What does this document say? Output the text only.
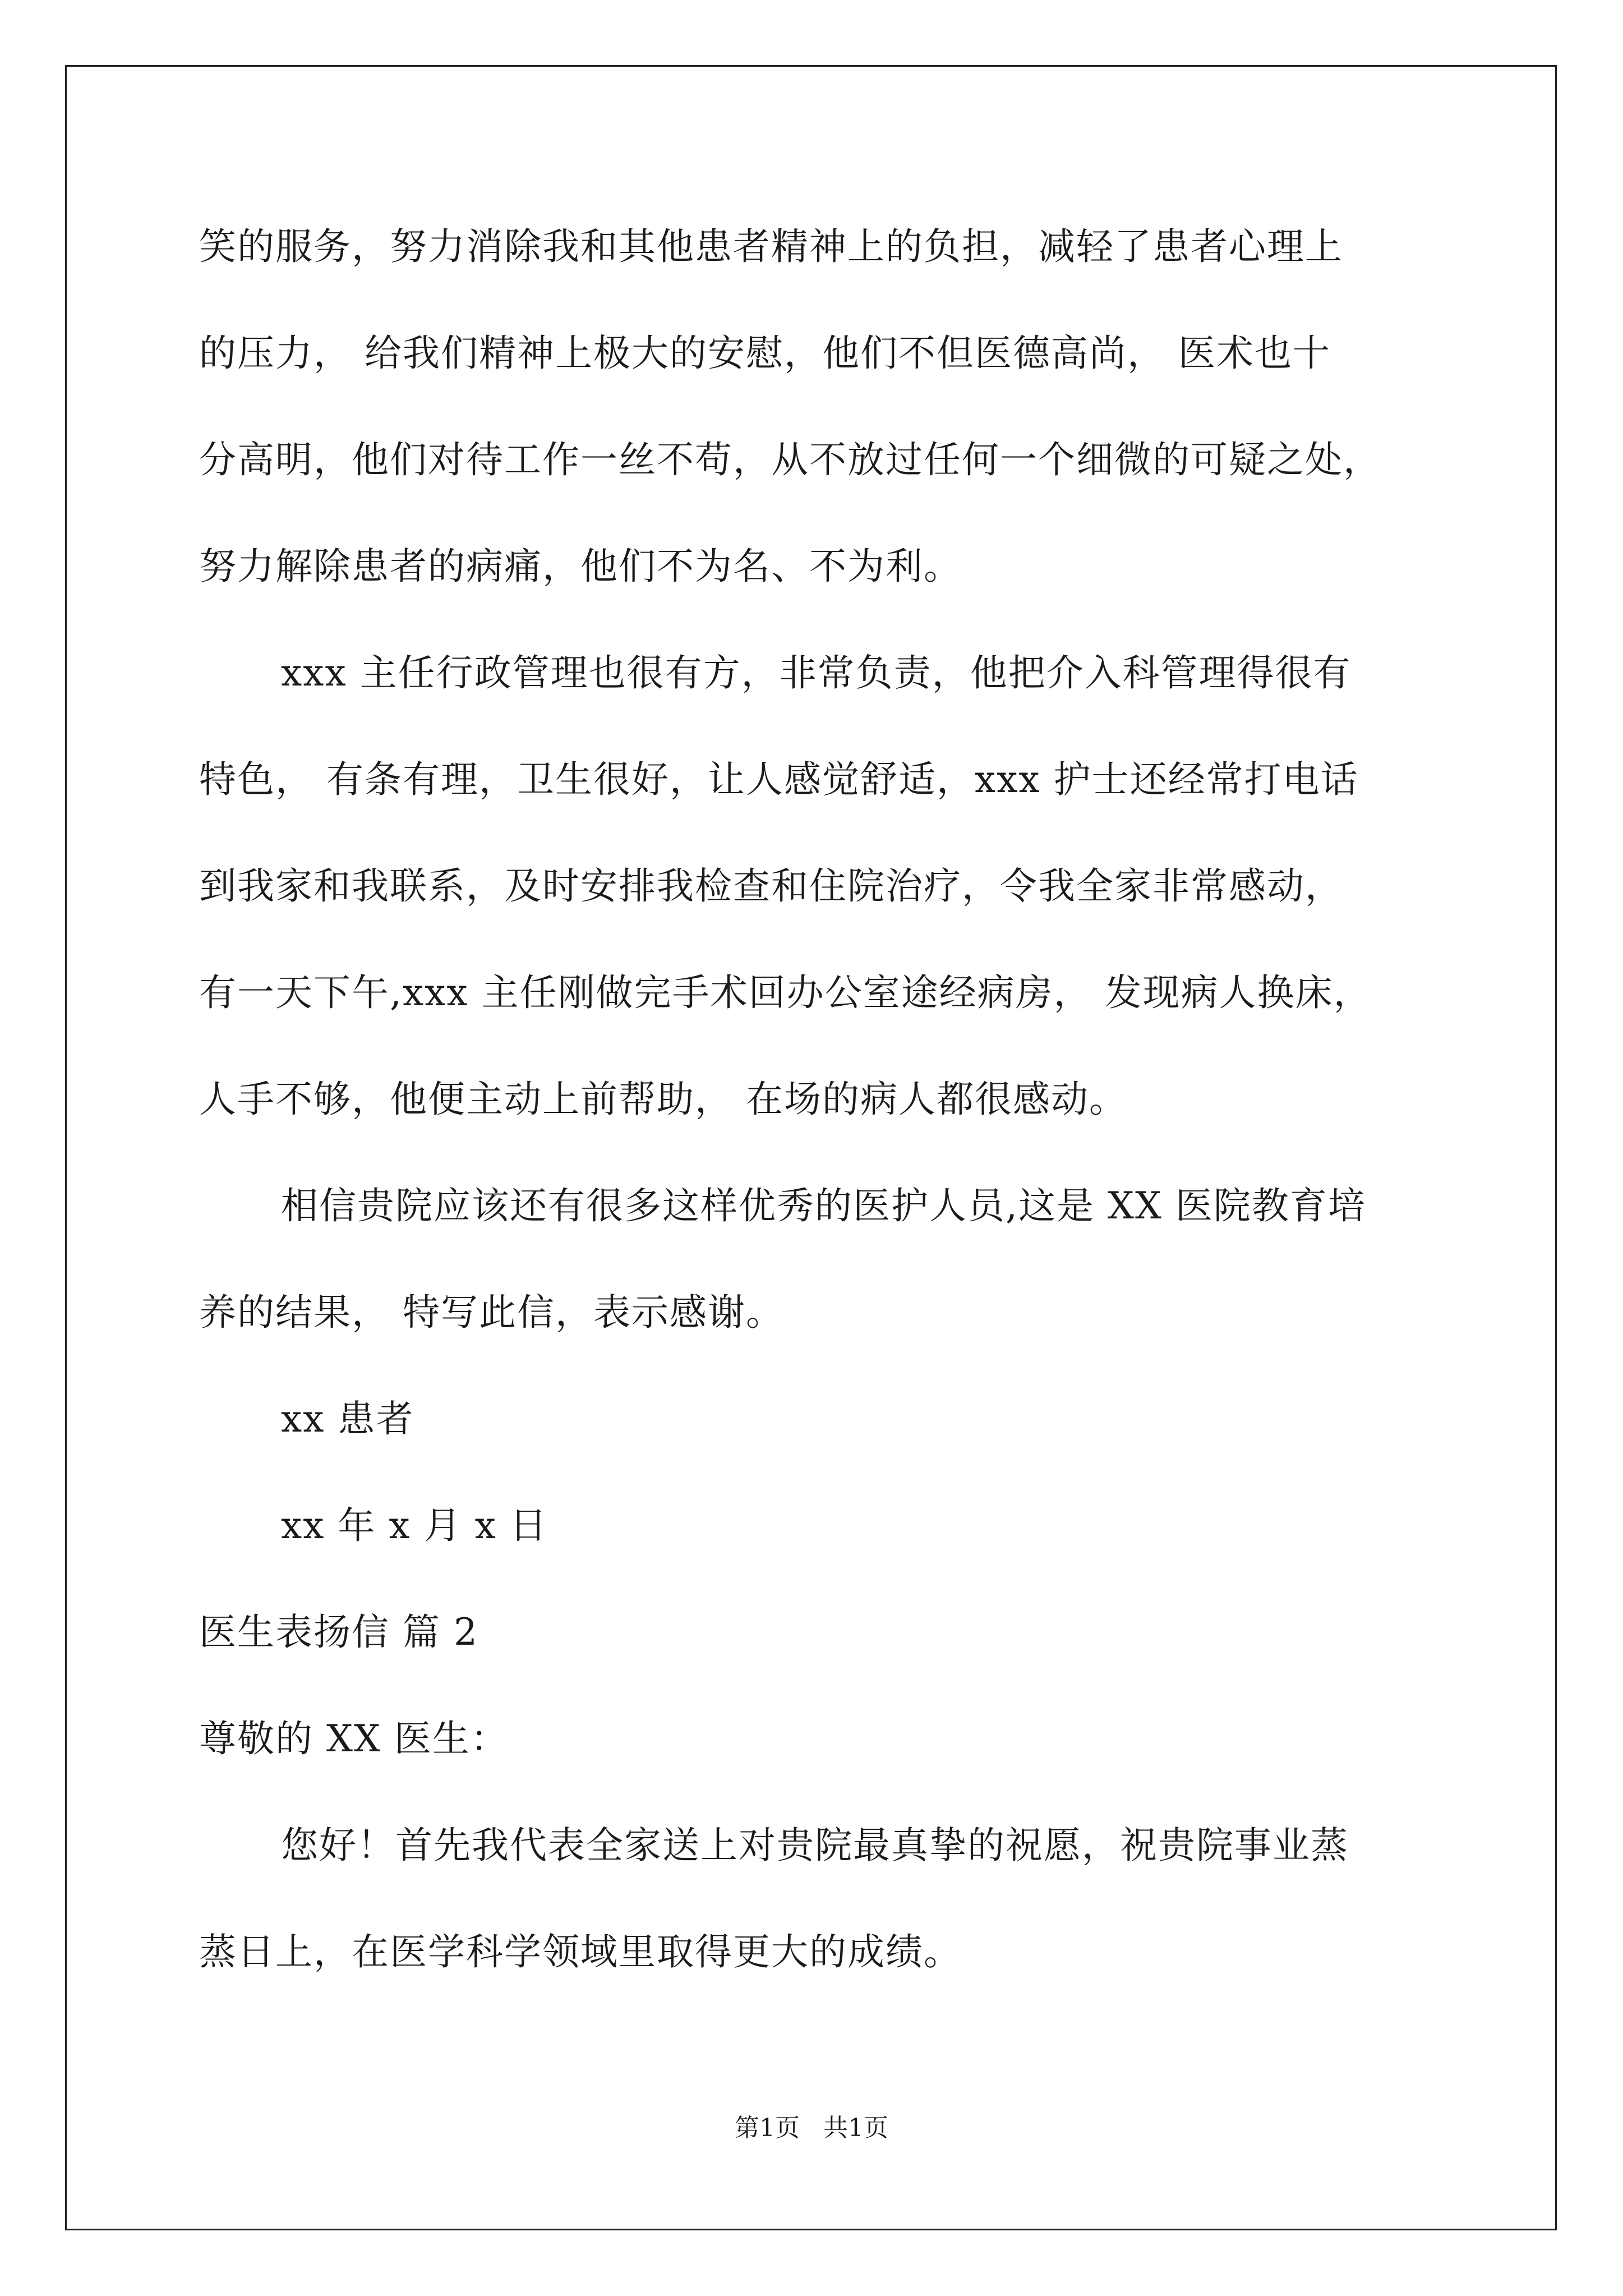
笑的服务，努力消除我和其他患者精神上的负担，减轻了患者心理上
的压力， 给我们精神上极大的安慰，他们不但医德高尚， 医术也十
分高明，他们对待工作一丝不苟，从不放过任何一个细微的可疑之处，
努力解除患者的病痛，他们不为名、不为利。
xxx 主任行政管理也很有方，非常负责，他把介入科管理得很有
特色， 有条有理，卫生很好，让人感觉舒适，xxx 护士还经常打电话
到我家和我联系，及时安排我检查和住院治疗，令我全家非常感动，
有一天下午,xxx 主任刚做完手术回办公室途经病房， 发现病人换床，
人手不够，他便主动上前帮助， 在场的病人都很感动。
相信贵院应该还有很多这样优秀的医护人员,这是 XX 医院教育培
养的结果， 特写此信，表示感谢。
xx 患者
xx 年 x 月 x 日
医生表扬信 篇 2
尊敬的 XX 医生：
您好！首先我代表全家送上对贵院最真挚的祝愿，祝贵院事业蒸
蒸日上，在医学科学领域里取得更大的成绩。
第1页   共1页
